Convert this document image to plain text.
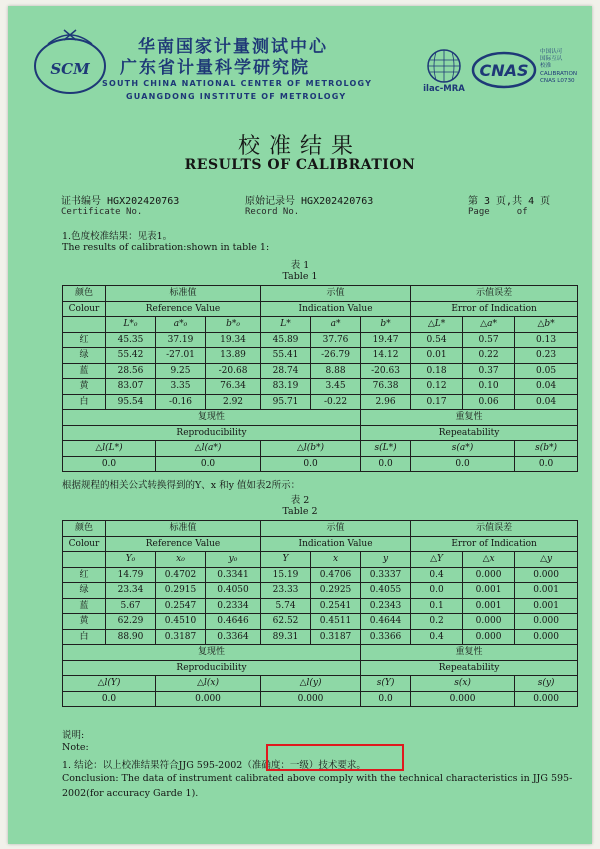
SCM
华南国家计量测试中心
广东省计量科学研究院
SOUTH CHINA NATIONAL CENTER OF METROLOGY
GUANGDONG INSTITUTE OF METROLOGY
ilac-MRA
CNAS
中国认可
国际互认
校准
CALIBRATION
CNAS L0730
校准结果
RESULTS OF CALIBRATION
证书编号 HGX202420763
Certificate No.
原始记录号 HGX202420763
Record No.
第 3 页,共 4 页
Page	of
1.色度校准结果：见表1。
The results of calibration:shown in table 1:
表 1
Table 1
颜色	标准值			示值			示值误差		
Colour	Reference Value			Indication Value			Error of Indication		
	L*₀	a*₀	b*₀	L*	a*	b*	△L*	△a*	△b*
红	45.35	37.19	19.34	45.89	37.76	19.47	0.54	0.57	0.13
绿	55.42	-27.01	13.89	55.41	-26.79	14.12	0.01	0.22	0.23
蓝	28.56	9.25	-20.68	28.74	8.88	-20.63	0.18	0.37	0.05
黄	83.07	3.35	76.34	83.19	3.45	76.38	0.12	0.10	0.04
白	95.54	-0.16	2.92	95.71	-0.22	2.96	0.17	0.06	0.04
复现性						重复性			
Reproducibility						Repeatability			
△l(L*)		△l(a*)		△l(b*)		s(L*)	s(a*)		s(b*)
0.0		0.0		0.0		0.0	0.0		0.0
根据规程的相关公式转换得到的Y、x 和y 值如表2所示：
表 2
Table 2
颜色	标准值			示值			示值误差		
Colour	Reference Value			Indication Value			Error of Indication		
	Y₀	x₀	y₀	Y	x	y	△Y	△x	△y
红	14.79	0.4702	0.3341	15.19	0.4706	0.3337	0.4	0.000	0.000
绿	23.34	0.2915	0.4050	23.33	0.2925	0.4055	0.0	0.001	0.001
蓝	5.67	0.2547	0.2334	5.74	0.2541	0.2343	0.1	0.001	0.001
黄	62.29	0.4510	0.4646	62.52	0.4511	0.4644	0.2	0.000	0.000
白	88.90	0.3187	0.3364	89.31	0.3187	0.3366	0.4	0.000	0.000
复现性						重复性			
Reproducibility						Repeatability			
△l(Y)		△l(x)		△l(y)		s(Y)	s(x)		s(y)
0.0		0.000		0.000		0.0	0.000		0.000
说明:
Note:
1. 结论：以上校准结果符合JJG 595-2002（准确度：一级）技术要求。
Conclusion: The data of instrument calibrated above comply with the technical characteristics in JJG 595-
2002(for accuracy Garde 1).
